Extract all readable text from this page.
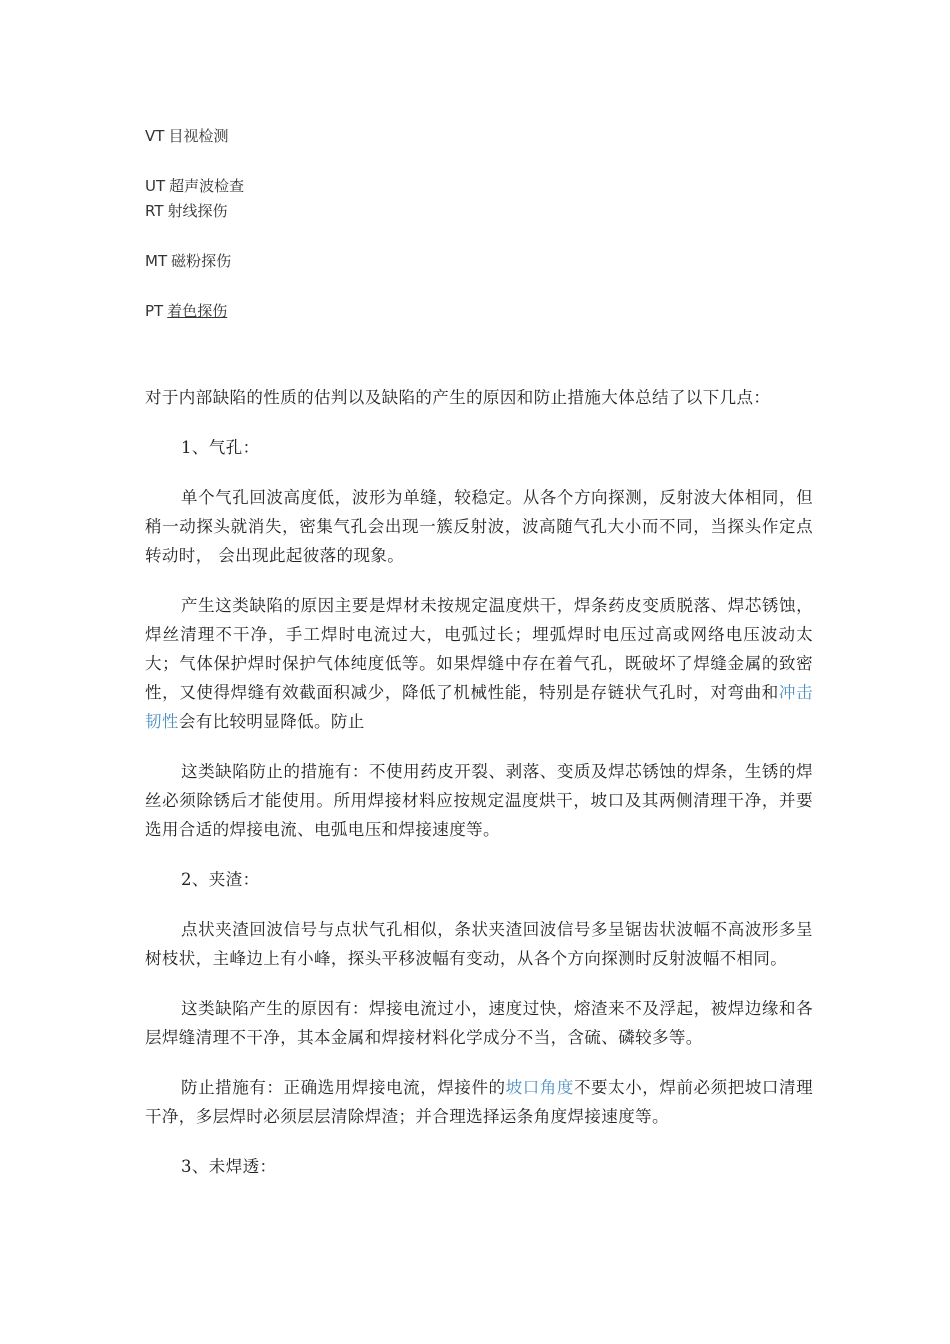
VT 目视检测
UT 超声波检查
RT 射线探伤
MT 磁粉探伤
PT 着色探伤

对于内部缺陷的性质的估判以及缺陷的产生的原因和防止措施大体总结了以下几点：

1、气孔：

单个气孔回波高度低，波形为单缝，较稳定。从各个方向探测，反射波大体相同，但稍一动探头就消失，密集气孔会出现一簇反射波，波高随气孔大小而不同，当探头作定点转动时， 会出现此起彼落的现象。

产生这类缺陷的原因主要是焊材未按规定温度烘干，焊条药皮变质脱落、焊芯锈蚀，焊丝清理不干净，手工焊时电流过大，电弧过长；埋弧焊时电压过高或网络电压波动太大；气体保护焊时保护气体纯度低等。如果焊缝中存在着气孔，既破坏了焊缝金属的致密性，又使得焊缝有效截面积减少，降低了机械性能，特别是存链状气孔时，对弯曲和冲击韧性会有比较明显降低。防止

这类缺陷防止的措施有：不使用药皮开裂、剥落、变质及焊芯锈蚀的焊条，生锈的焊丝必须除锈后才能使用。所用焊接材料应按规定温度烘干，坡口及其两侧清理干净，并要选用合适的焊接电流、电弧电压和焊接速度等。

2、夹渣：

点状夹渣回波信号与点状气孔相似，条状夹渣回波信号多呈锯齿状波幅不高波形多呈树枝状，主峰边上有小峰，探头平移波幅有变动，从各个方向探测时反射波幅不相同。

这类缺陷产生的原因有：焊接电流过小，速度过快，熔渣来不及浮起，被焊边缘和各层焊缝清理不干净，其本金属和焊接材料化学成分不当，含硫、磷较多等。

防止措施有：正确选用焊接电流，焊接件的坡口角度不要太小，焊前必须把坡口清理干净，多层焊时必须层层清除焊渣；并合理选择运条角度焊接速度等。

3、未焊透：
